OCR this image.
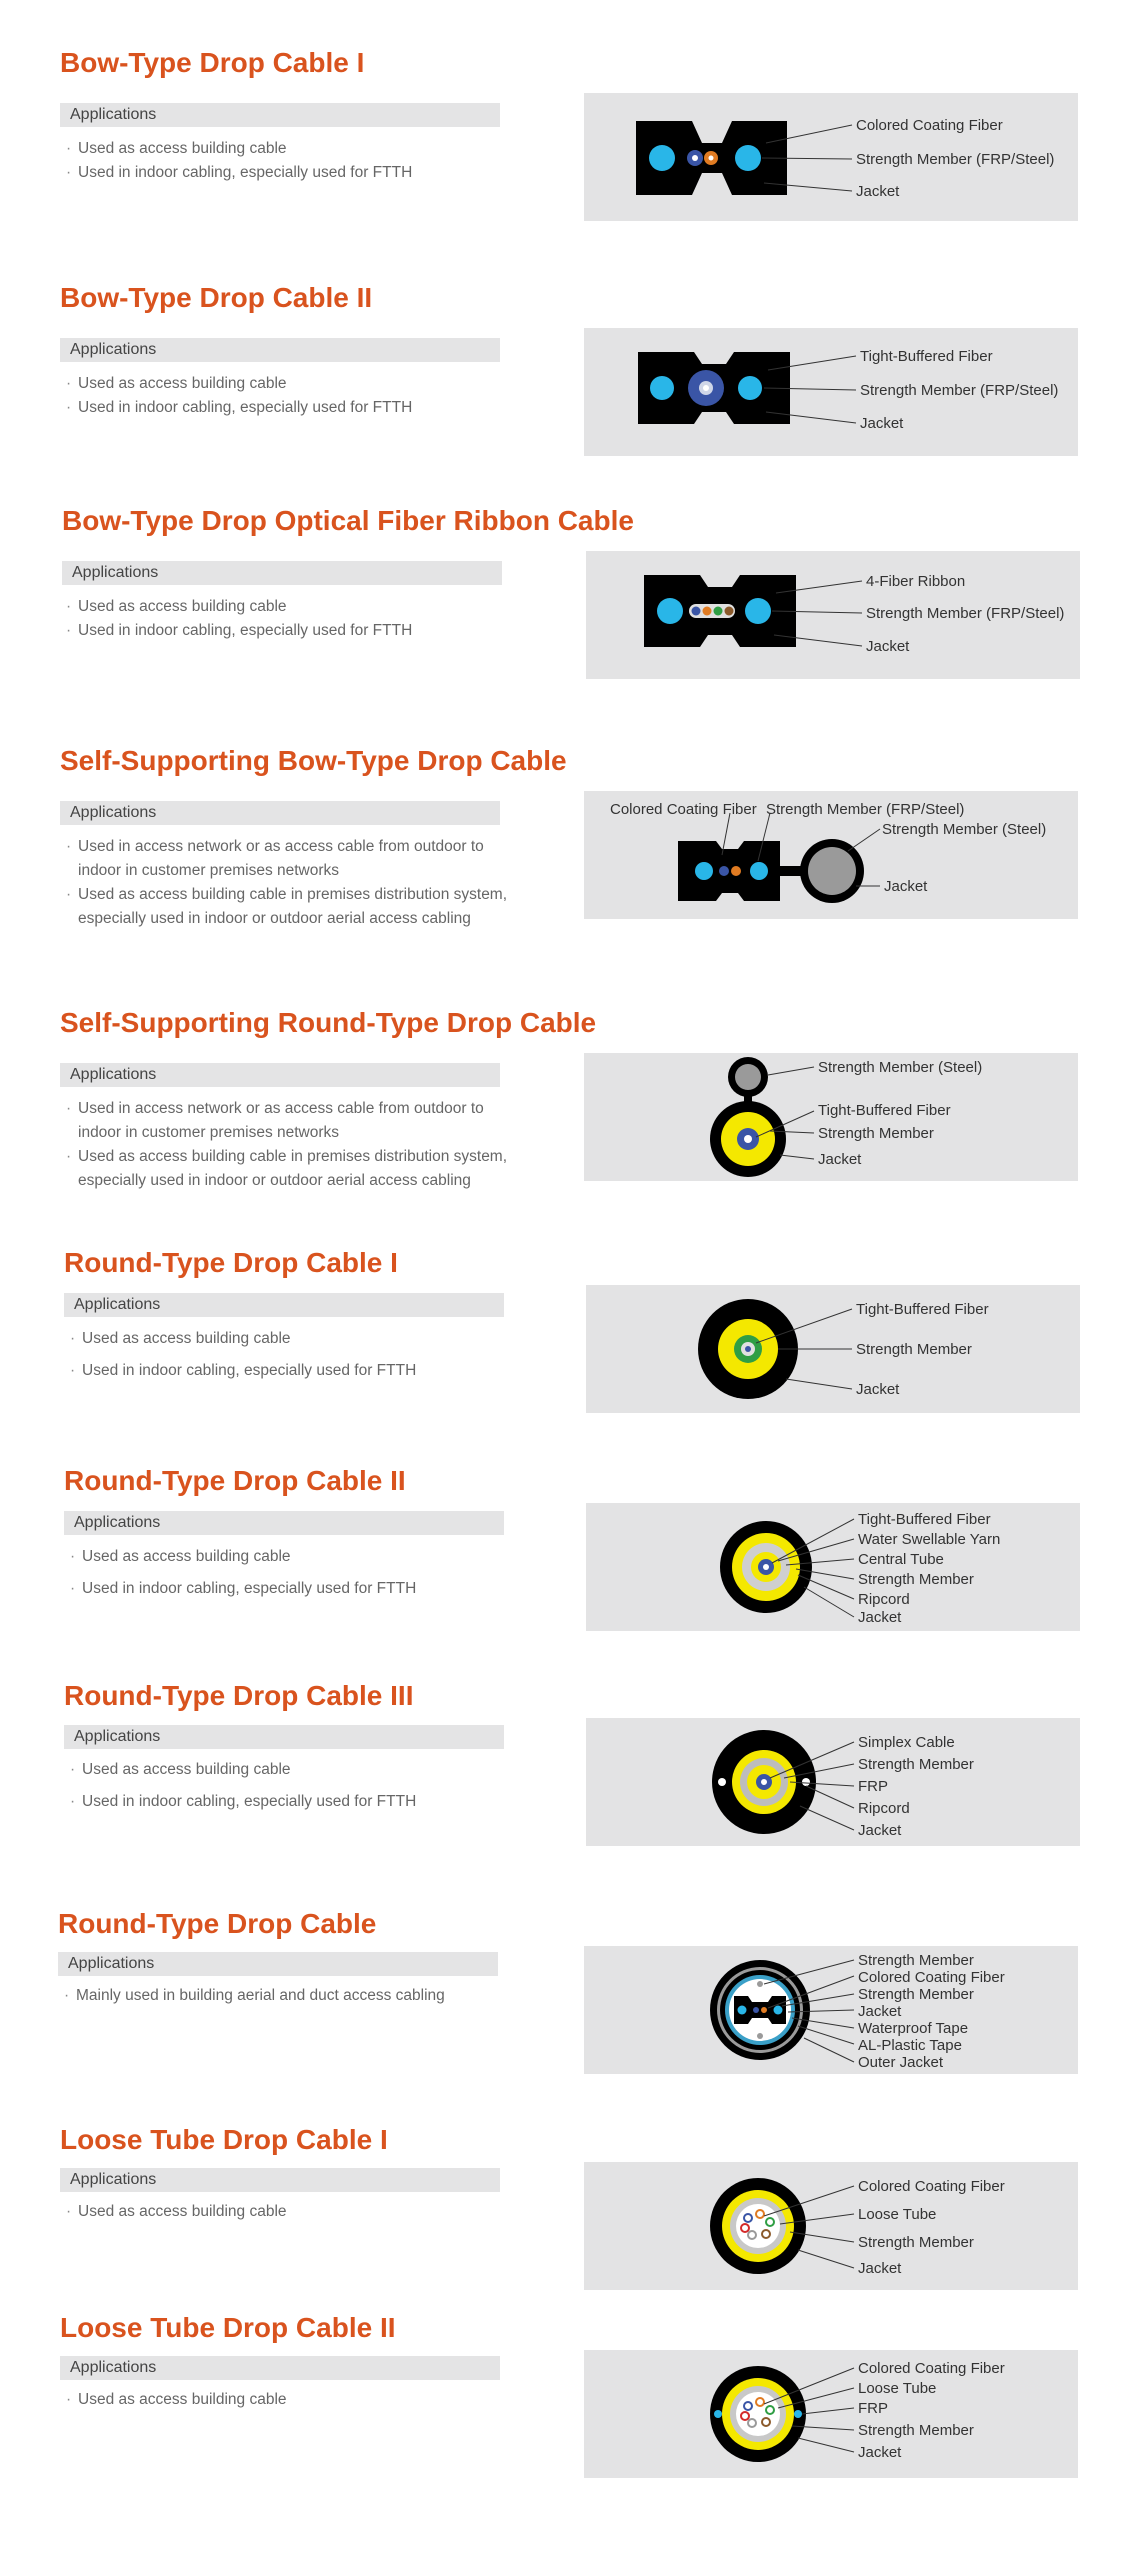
Bow-Type Drop Cable I
Applications
· Used as access building cable
· Used in indoor cabling, especially used for FTTH
Colored Coating Fiber
Strength Member (FRP/Steel)
Jacket
Bow-Type Drop Cable II
Applications
· Used as access building cable
· Used in indoor cabling, especially used for FTTH
Tight-Buffered Fiber
Strength Member (FRP/Steel)
Jacket
Bow-Type Drop Optical Fiber Ribbon Cable
Applications
· Used as access building cable
· Used in indoor cabling, especially used for FTTH
4-Fiber Ribbon
Strength Member (FRP/Steel)
Jacket
Self-Supporting Bow-Type Drop Cable
Applications
· Used in access network or as access cable from outdoor to
indoor in customer premises networks
· Used as access building cable in premises distribution system,
especially used in indoor or outdoor aerial access cabling
Colored Coating Fiber Strength Member (FRP/Steel)
Strength Member (Steel)
Jacket
Self-Supporting Round-Type Drop Cable
Applications
· Used in access network or as access cable from outdoor to
indoor in customer premises networks
· Used as access building cable in premises distribution system,
especially used in indoor or outdoor aerial access cabling
Strength Member (Steel)
Tight-Buffered Fiber
Strength Member
Jacket
Round-Type Drop Cable I
Applications
· Used as access building cable
· Used in indoor cabling, especially used for FTTH
Tight-Buffered Fiber
Strength Member
Jacket
Round-Type Drop Cable II
Applications
· Used as access building cable
· Used in indoor cabling, especially used for FTTH
Tight-Buffered Fiber
Water Swellable Yarn
Central Tube
Strength Member
Ripcord
Jacket
Round-Type Drop Cable III
Applications
· Used as access building cable
· Used in indoor cabling, especially used for FTTH
Simplex Cable
Strength Member
FRP
Ripcord
Jacket
Round-Type Drop Cable
Applications
· Mainly used in building aerial and duct access cabling
Strength Member
Colored Coating Fiber
Strength Member
Jacket
Waterproof Tape
AL-Plastic Tape
Outer Jacket
Loose Tube Drop Cable I
Applications
· Used as access building cable
Colored Coating Fiber
Loose Tube
Strength Member
Jacket
Loose Tube Drop Cable II
Applications
· Used as access building cable
Colored Coating Fiber
Loose Tube
FRP
Strength Member
Jacket
